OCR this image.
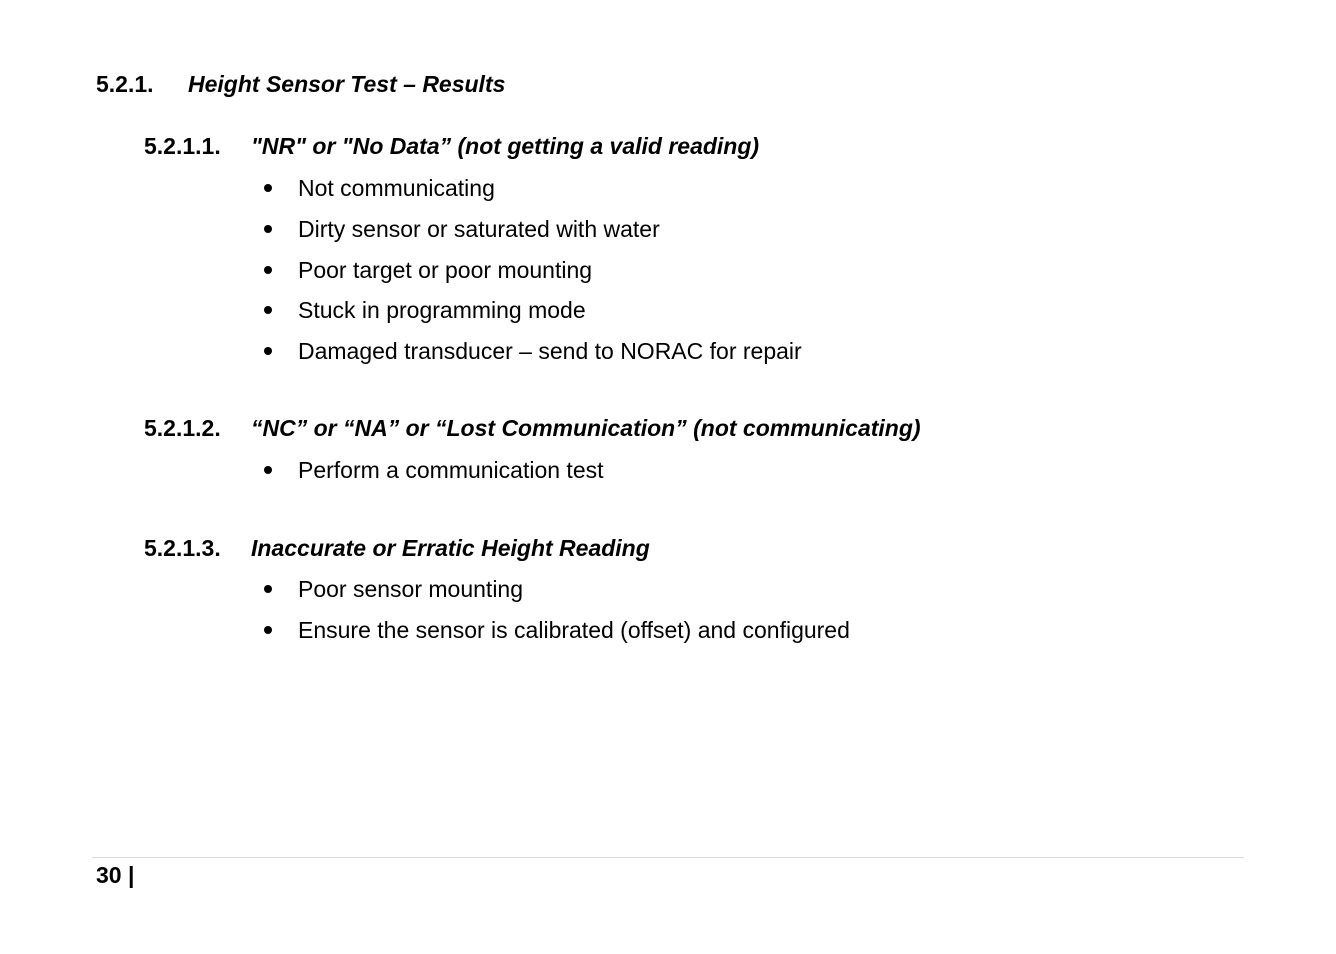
5.2.1. Height Sensor Test – Results
5.2.1.1. "NR" or "No Data” (not getting a valid reading)
Not communicating
Dirty sensor or saturated with water
Poor target or poor mounting
Stuck in programming mode
Damaged transducer – send to NORAC for repair
5.2.1.2. “NC” or “NA” or “Lost Communication” (not communicating)
Perform a communication test
5.2.1.3. Inaccurate or Erratic Height Reading
Poor sensor mounting
Ensure the sensor is calibrated (offset) and configured
30 |
